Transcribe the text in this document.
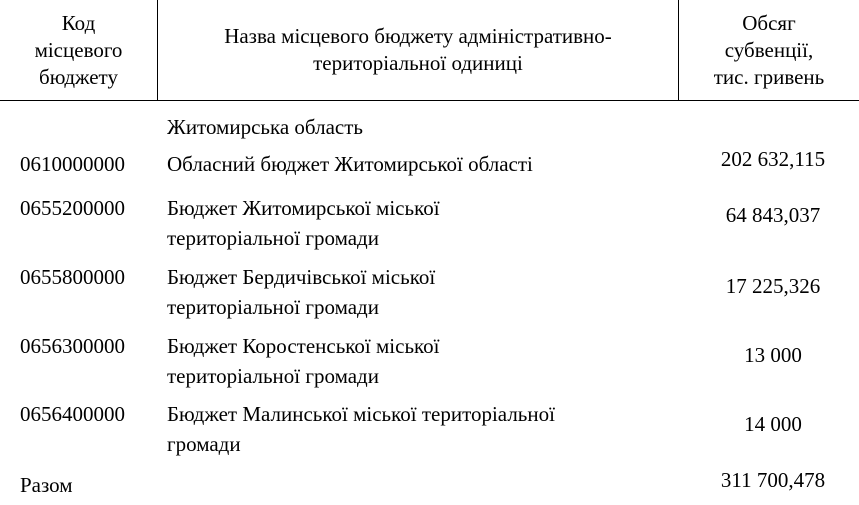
Код
місцевого
бюджету
Назва місцевого бюджету адміністративно-
територіальної одиниці
Обсяг
субвенції,
тис. гривень
Житомирська область
0610000000 Обласний бюджет Житомирської області	202 632,115
0655200000 Бюджет Житомирської міської
територіальної громади
64 843,037
0655800000 Бюджет Бердичівської міської
територіальної громади
17 225,326
0656300000 Бюджет Коростенської міської
територіальної громади
13 000
0656400000 Бюджет Малинської міської територіальної
громади
14 000
Разом	311 700,478
